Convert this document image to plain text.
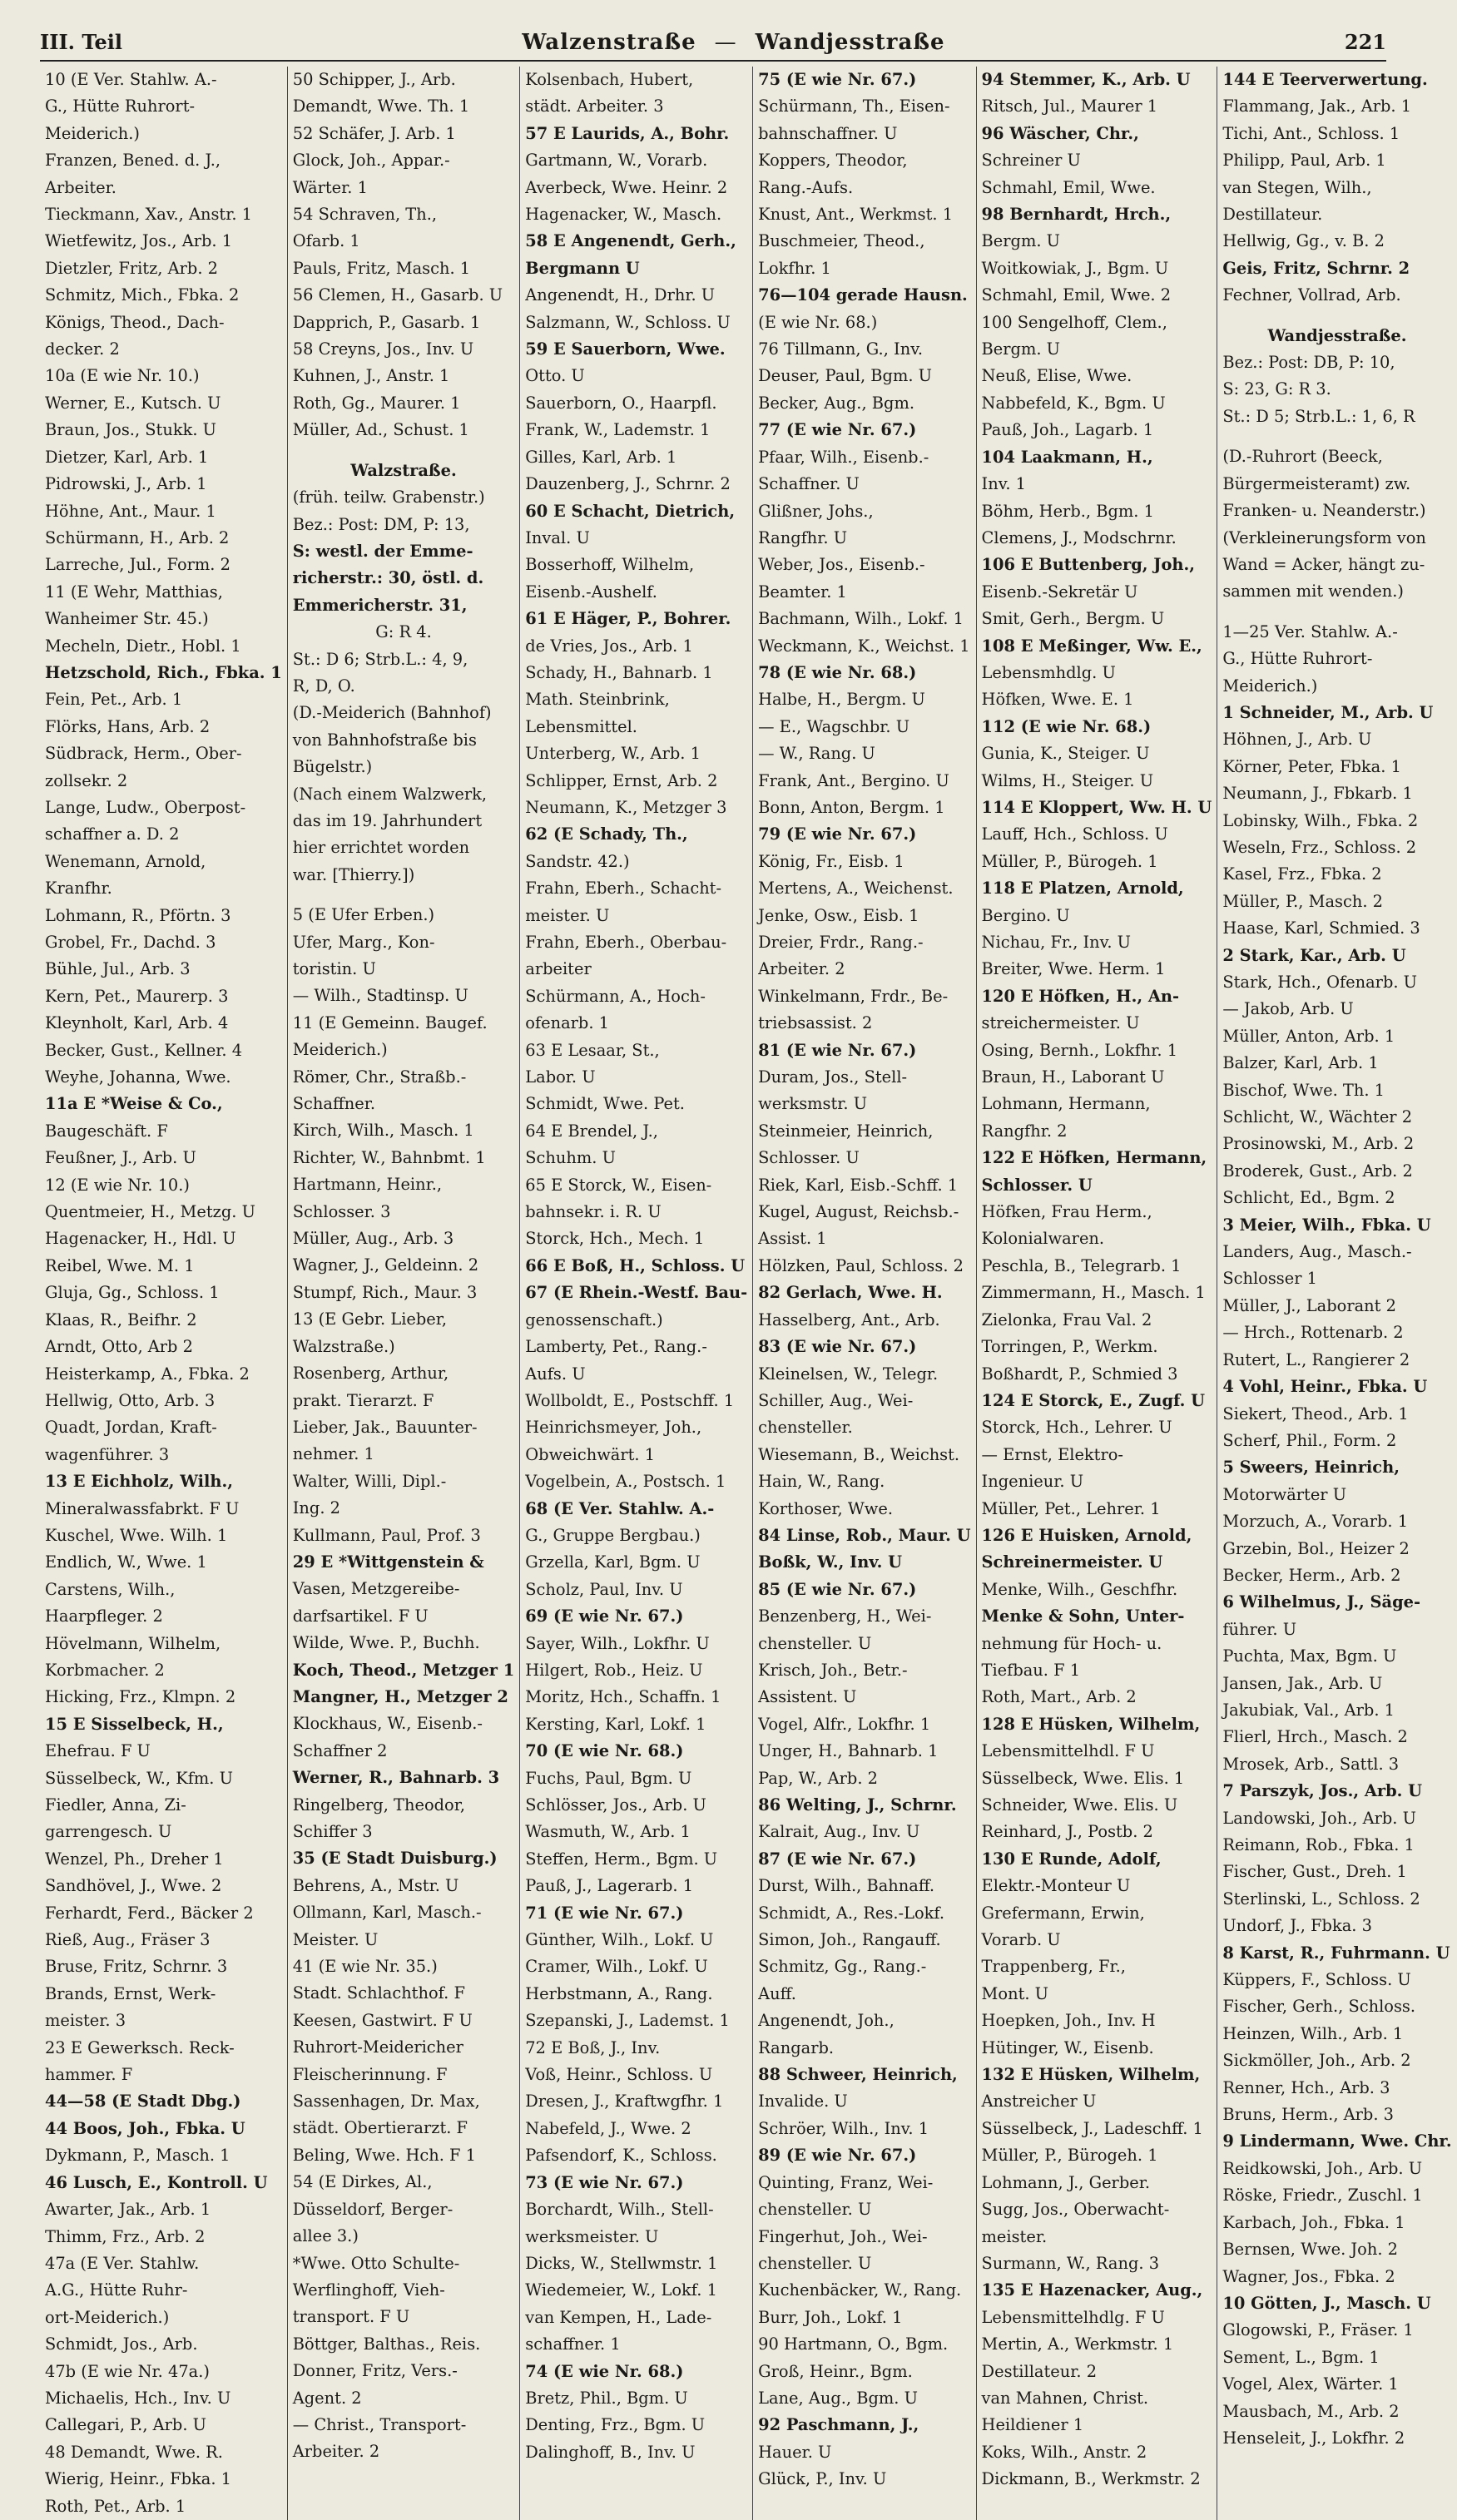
III. Teil	Walzenstraße — Wandjesstraße	221
10 (E Ver. Stahlw. A.-
G., Hütte Ruhrort-
Meiderich.)
Franzen, Bened. d. J.,
Arbeiter.
Tieckmann, Xav., Anstr. 1
Wietfewitz, Jos., Arb. 1
Dietzler, Fritz, Arb. 2
Schmitz, Mich., Fbka. 2
Königs, Theod., Dach-
decker. 2
10a (E wie Nr. 10.)
Werner, E., Kutsch. U
Braun, Jos., Stukk. U
Dietzer, Karl, Arb. 1
Pidrowski, J., Arb. 1
Höhne, Ant., Maur. 1
Schürmann, H., Arb. 2
Larreche, Jul., Form. 2
11 (E Wehr, Matthias,
Wanheimer Str. 45.)
Mecheln, Dietr., Hobl. 1
Hetzschold, Rich., Fbka. 1
Fein, Pet., Arb. 1
Flörks, Hans, Arb. 2
Südbrack, Herm., Ober-
zollsekr. 2
Lange, Ludw., Oberpost-
schaffner a. D. 2
Wenemann, Arnold,
Kranfhr.
Lohmann, R., Pförtn. 3
Grobel, Fr., Dachd. 3
Bühle, Jul., Arb. 3
Kern, Pet., Maurerp. 3
Kleynholt, Karl, Arb. 4
Becker, Gust., Kellner. 4
Weyhe, Johanna, Wwe.
11a E *Weise & Co.,
Baugeschäft. F
Feußner, J., Arb. U
12 (E wie Nr. 10.)
Quentmeier, H., Metzg. U
Hagenacker, H., Hdl. U
Reibel, Wwe. M. 1
Gluja, Gg., Schloss. 1
Klaas, R., Beifhr. 2
Arndt, Otto, Arb 2
Heisterkamp, A., Fbka. 2
Hellwig, Otto, Arb. 3
Quadt, Jordan, Kraft-
wagenführer. 3
13 E Eichholz, Wilh.,
Mineralwassfabrkt. F U
Kuschel, Wwe. Wilh. 1
Endlich, W., Wwe. 1
Carstens, Wilh.,
Haarpfleger. 2
Hövelmann, Wilhelm,
Korbmacher. 2
Hicking, Frz., Klmpn. 2
15 E Sisselbeck, H.,
Ehefrau. F U
Süsselbeck, W., Kfm. U
Fiedler, Anna, Zi-
garrengesch. U
Wenzel, Ph., Dreher 1
Sandhövel, J., Wwe. 2
Ferhardt, Ferd., Bäcker 2
Rieß, Aug., Fräser 3
Bruse, Fritz, Schrnr. 3
Brands, Ernst, Werk-
meister. 3
23 E Gewerksch. Reck-
hammer. F
44—58 (E Stadt Dbg.)
44 Boos, Joh., Fbka. U
Dykmann, P., Masch. 1
46 Lusch, E., Kontroll. U
Awarter, Jak., Arb. 1
Thimm, Frz., Arb. 2
47a (E Ver. Stahlw.
A.G., Hütte Ruhr-
ort-Meiderich.)
Schmidt, Jos., Arb.
47b (E wie Nr. 47a.)
Michaelis, Hch., Inv. U
Callegari, P., Arb. U
48 Demandt, Wwe. R.
Wierig, Heinr., Fbka. 1
Roth, Pet., Arb. 1
50 Schipper, J., Arb.
Demandt, Wwe. Th. 1
52 Schäfer, J. Arb. 1
Glock, Joh., Appar.-
Wärter. 1
54 Schraven, Th.,
Ofarb. 1
Pauls, Fritz, Masch. 1
56 Clemen, H., Gasarb. U
Dapprich, P., Gasarb. 1
58 Creyns, Jos., Inv. U
Kuhnen, J., Anstr. 1
Roth, Gg., Maurer. 1
Müller, Ad., Schust. 1
Walzstraße.
(früh. teilw. Grabenstr.)
Bez.: Post: DM, P: 13,
S: westl. der Emme-
richerstr.: 30, östl. d.
Emmericherstr. 31,
G: R 4.
St.: D 6; Strb.L.: 4, 9,
R, D, O.
(D.-Meiderich (Bahnhof)
von Bahnhofstraße bis
Bügelstr.)
(Nach einem Walzwerk,
das im 19. Jahrhundert
hier errichtet worden
war. [Thierry.])
5 (E Ufer Erben.)
Ufer, Marg., Kon-
toristin. U
— Wilh., Stadtinsp. U
11 (E Gemeinn. Baugef.
Meiderich.)
Römer, Chr., Straßb.-
Schaffner.
Kirch, Wilh., Masch. 1
Richter, W., Bahnbmt. 1
Hartmann, Heinr.,
Schlosser. 3
Müller, Aug., Arb. 3
Wagner, J., Geldeinn. 2
Stumpf, Rich., Maur. 3
13 (E Gebr. Lieber,
Walzstraße.)
Rosenberg, Arthur,
prakt. Tierarzt. F
Lieber, Jak., Bauunter-
nehmer. 1
Walter, Willi, Dipl.-
Ing. 2
Kullmann, Paul, Prof. 3
29 E *Wittgenstein &
Vasen, Metzgereibe-
darfsartikel. F U
Wilde, Wwe. P., Buchh.
Koch, Theod., Metzger 1
Mangner, H., Metzger 2
Klockhaus, W., Eisenb.-
Schaffner 2
Werner, R., Bahnarb. 3
Ringelberg, Theodor,
Schiffer 3
35 (E Stadt Duisburg.)
Behrens, A., Mstr. U
Ollmann, Karl, Masch.-
Meister. U
41 (E wie Nr. 35.)
Stadt. Schlachthof. F
Keesen, Gastwirt. F U
Ruhrort-Meidericher
Fleischerinnung. F
Sassenhagen, Dr. Max,
städt. Obertierarzt. F
Beling, Wwe. Hch. F 1
54 (E Dirkes, Al.,
Düsseldorf, Berger-
allee 3.)
*Wwe. Otto Schulte-
Werflinghoff, Vieh-
transport. F U
Böttger, Balthas., Reis.
Donner, Fritz, Vers.-
Agent. 2
— Christ., Transport-
Arbeiter. 2
Kolsenbach, Hubert,
städt. Arbeiter. 3
57 E Laurids, A., Bohr.
Gartmann, W., Vorarb.
Averbeck, Wwe. Heinr. 2
Hagenacker, W., Masch.
58 E Angenendt, Gerh.,
Bergmann U
Angenendt, H., Drhr. U
Salzmann, W., Schloss. U
59 E Sauerborn, Wwe.
Otto. U
Sauerborn, O., Haarpfl.
Frank, W., Lademstr. 1
Gilles, Karl, Arb. 1
Dauzenberg, J., Schrnr. 2
60 E Schacht, Dietrich,
Inval. U
Bosserhoff, Wilhelm,
Eisenb.-Aushelf.
61 E Häger, P., Bohrer.
de Vries, Jos., Arb. 1
Schady, H., Bahnarb. 1
Math. Steinbrink,
Lebensmittel.
Unterberg, W., Arb. 1
Schlipper, Ernst, Arb. 2
Neumann, K., Metzger 3
62 (E Schady, Th.,
Sandstr. 42.)
Frahn, Eberh., Schacht-
meister. U
Frahn, Eberh., Oberbau-
arbeiter
Schürmann, A., Hoch-
ofenarb. 1
63 E Lesaar, St.,
Labor. U
Schmidt, Wwe. Pet.
64 E Brendel, J.,
Schuhm. U
65 E Storck, W., Eisen-
bahnsekr. i. R. U
Storck, Hch., Mech. 1
66 E Boß, H., Schloss. U
67 (E Rhein.-Westf. Bau-
genossenschaft.)
Lamberty, Pet., Rang.-
Aufs. U
Wollboldt, E., Postschff. 1
Heinrichsmeyer, Joh.,
Obweichwärt. 1
Vogelbein, A., Postsch. 1
68 (E Ver. Stahlw. A.-
G., Gruppe Bergbau.)
Grzella, Karl, Bgm. U
Scholz, Paul, Inv. U
69 (E wie Nr. 67.)
Sayer, Wilh., Lokfhr. U
Hilgert, Rob., Heiz. U
Moritz, Hch., Schaffn. 1
Kersting, Karl, Lokf. 1
70 (E wie Nr. 68.)
Fuchs, Paul, Bgm. U
Schlösser, Jos., Arb. U
Wasmuth, W., Arb. 1
Steffen, Herm., Bgm. U
Pauß, J., Lagerarb. 1
71 (E wie Nr. 67.)
Günther, Wilh., Lokf. U
Cramer, Wilh., Lokf. U
Herbstmann, A., Rang.
Szepanski, J., Lademst. 1
72 E Boß, J., Inv.
Voß, Heinr., Schloss. U
Dresen, J., Kraftwgfhr. 1
Nabefeld, J., Wwe. 2
Pafsendorf, K., Schloss.
73 (E wie Nr. 67.)
Borchardt, Wilh., Stell-
werksmeister. U
Dicks, W., Stellwmstr. 1
Wiedemeier, W., Lokf. 1
van Kempen, H., Lade-
schaffner. 1
74 (E wie Nr. 68.)
Bretz, Phil., Bgm. U
Denting, Frz., Bgm. U
Dalinghoff, B., Inv. U
75 (E wie Nr. 67.)
Schürmann, Th., Eisen-
bahnschaffner. U
Koppers, Theodor,
Rang.-Aufs.
Knust, Ant., Werkmst. 1
Buschmeier, Theod.,
Lokfhr. 1
76—104 gerade Hausn.
(E wie Nr. 68.)
76 Tillmann, G., Inv.
Deuser, Paul, Bgm. U
Becker, Aug., Bgm.
77 (E wie Nr. 67.)
Pfaar, Wilh., Eisenb.-
Schaffner. U
Glißner, Johs.,
Rangfhr. U
Weber, Jos., Eisenb.-
Beamter. 1
Bachmann, Wilh., Lokf. 1
Weckmann, K., Weichst. 1
78 (E wie Nr. 68.)
Halbe, H., Bergm. U
— E., Wagschbr. U
— W., Rang. U
Frank, Ant., Bergino. U
Bonn, Anton, Bergm. 1
79 (E wie Nr. 67.)
König, Fr., Eisb. 1
Mertens, A., Weichenst.
Jenke, Osw., Eisb. 1
Dreier, Frdr., Rang.-
Arbeiter. 2
Winkelmann, Frdr., Be-
triebsassist. 2
81 (E wie Nr. 67.)
Duram, Jos., Stell-
werksmstr. U
Steinmeier, Heinrich,
Schlosser. U
Riek, Karl, Eisb.-Schff. 1
Kugel, August, Reichsb.-
Assist. 1
Hölzken, Paul, Schloss. 2
82 Gerlach, Wwe. H.
Hasselberg, Ant., Arb.
83 (E wie Nr. 67.)
Kleinelsen, W., Telegr.
Schiller, Aug., Wei-
chensteller.
Wiesemann, B., Weichst.
Hain, W., Rang.
Korthoser, Wwe.
84 Linse, Rob., Maur. U
Boßk, W., Inv. U
85 (E wie Nr. 67.)
Benzenberg, H., Wei-
chensteller. U
Krisch, Joh., Betr.-
Assistent. U
Vogel, Alfr., Lokfhr. 1
Unger, H., Bahnarb. 1
Pap, W., Arb. 2
86 Welting, J., Schrnr.
Kalrait, Aug., Inv. U
87 (E wie Nr. 67.)
Durst, Wilh., Bahnaff.
Schmidt, A., Res.-Lokf.
Simon, Joh., Rangauff.
Schmitz, Gg., Rang.-
Auff.
Angenendt, Joh.,
Rangarb.
88 Schweer, Heinrich,
Invalide. U
Schröer, Wilh., Inv. 1
89 (E wie Nr. 67.)
Quinting, Franz, Wei-
chensteller. U
Fingerhut, Joh., Wei-
chensteller. U
Kuchenbäcker, W., Rang.
Burr, Joh., Lokf. 1
90 Hartmann, O., Bgm.
Groß, Heinr., Bgm.
Lane, Aug., Bgm. U
92 Paschmann, J.,
Hauer. U
Glück, P., Inv. U
94 Stemmer, K., Arb. U
Ritsch, Jul., Maurer 1
96 Wäscher, Chr.,
Schreiner U
Schmahl, Emil, Wwe.
98 Bernhardt, Hrch.,
Bergm. U
Woitkowiak, J., Bgm. U
Schmahl, Emil, Wwe. 2
100 Sengelhoff, Clem.,
Bergm. U
Neuß, Elise, Wwe.
Nabbefeld, K., Bgm. U
Pauß, Joh., Lagarb. 1
104 Laakmann, H.,
Inv. 1
Böhm, Herb., Bgm. 1
Clemens, J., Modschrnr.
106 E Buttenberg, Joh.,
Eisenb.-Sekretär U
Smit, Gerh., Bergm. U
108 E Meßinger, Ww. E.,
Lebensmhdlg. U
Höfken, Wwe. E. 1
112 (E wie Nr. 68.)
Gunia, K., Steiger. U
Wilms, H., Steiger. U
114 E Kloppert, Ww. H. U
Lauff, Hch., Schloss. U
Müller, P., Bürogeh. 1
118 E Platzen, Arnold,
Bergino. U
Nichau, Fr., Inv. U
Breiter, Wwe. Herm. 1
120 E Höfken, H., An-
streichermeister. U
Osing, Bernh., Lokfhr. 1
Braun, H., Laborant U
Lohmann, Hermann,
Rangfhr. 2
122 E Höfken, Hermann,
Schlosser. U
Höfken, Frau Herm.,
Kolonialwaren.
Peschla, B., Telegrarb. 1
Zimmermann, H., Masch. 1
Zielonka, Frau Val. 2
Torringen, P., Werkm.
Boßhardt, P., Schmied 3
124 E Storck, E., Zugf. U
Storck, Hch., Lehrer. U
— Ernst, Elektro-
Ingenieur. U
Müller, Pet., Lehrer. 1
126 E Huisken, Arnold,
Schreinermeister. U
Menke, Wilh., Geschfhr.
Menke & Sohn, Unter-
nehmung für Hoch- u.
Tiefbau. F 1
Roth, Mart., Arb. 2
128 E Hüsken, Wilhelm,
Lebensmittelhdl. F U
Süsselbeck, Wwe. Elis. 1
Schneider, Wwe. Elis. U
Reinhard, J., Postb. 2
130 E Runde, Adolf,
Elektr.-Monteur U
Grefermann, Erwin,
Vorarb. U
Trappenberg, Fr.,
Mont. U
Hoepken, Joh., Inv. H
Hütinger, W., Eisenb.
132 E Hüsken, Wilhelm,
Anstreicher U
Süsselbeck, J., Ladeschff. 1
Müller, P., Bürogeh. 1
Lohmann, J., Gerber.
Sugg, Jos., Oberwacht-
meister.
Surmann, W., Rang. 3
135 E Hazenacker, Aug.,
Lebensmittelhdlg. F U
Mertin, A., Werkmstr. 1
Destillateur. 2
van Mahnen, Christ.
Heildiener 1
Koks, Wilh., Anstr. 2
Dickmann, B., Werkmstr. 2
144 E Teerverwertung.
Flammang, Jak., Arb. 1
Tichi, Ant., Schloss. 1
Philipp, Paul, Arb. 1
van Stegen, Wilh.,
Destillateur.
Hellwig, Gg., v. B. 2
Geis, Fritz, Schrnr. 2
Fechner, Vollrad, Arb.
Wandjesstraße.
Bez.: Post: DB, P: 10,
S: 23, G: R 3.
St.: D 5; Strb.L.: 1, 6, R
(D.-Ruhrort (Beeck,
Bürgermeisteramt) zw.
Franken- u. Neanderstr.)
(Verkleinerungsform von
Wand = Acker, hängt zu-
sammen mit wenden.)
1—25 Ver. Stahlw. A.-
G., Hütte Ruhrort-
Meiderich.)
1 Schneider, M., Arb. U
Höhnen, J., Arb. U
Körner, Peter, Fbka. 1
Neumann, J., Fbkarb. 1
Lobinsky, Wilh., Fbka. 2
Weseln, Frz., Schloss. 2
Kasel, Frz., Fbka. 2
Müller, P., Masch. 2
Haase, Karl, Schmied. 3
2 Stark, Kar., Arb. U
Stark, Hch., Ofenarb. U
— Jakob, Arb. U
Müller, Anton, Arb. 1
Balzer, Karl, Arb. 1
Bischof, Wwe. Th. 1
Schlicht, W., Wächter 2
Prosinowski, M., Arb. 2
Broderek, Gust., Arb. 2
Schlicht, Ed., Bgm. 2
3 Meier, Wilh., Fbka. U
Landers, Aug., Masch.-
Schlosser 1
Müller, J., Laborant 2
— Hrch., Rottenarb. 2
Rutert, L., Rangierer 2
4 Vohl, Heinr., Fbka. U
Siekert, Theod., Arb. 1
Scherf, Phil., Form. 2
5 Sweers, Heinrich,
Motorwärter U
Morzuch, A., Vorarb. 1
Grzebin, Bol., Heizer 2
Becker, Herm., Arb. 2
6 Wilhelmus, J., Säge-
führer. U
Puchta, Max, Bgm. U
Jansen, Jak., Arb. U
Jakubiak, Val., Arb. 1
Flierl, Hrch., Masch. 2
Mrosek, Arb., Sattl. 3
7 Parszyk, Jos., Arb. U
Landowski, Joh., Arb. U
Reimann, Rob., Fbka. 1
Fischer, Gust., Dreh. 1
Sterlinski, L., Schloss. 2
Undorf, J., Fbka. 3
8 Karst, R., Fuhrmann. U
Küppers, F., Schloss. U
Fischer, Gerh., Schloss.
Heinzen, Wilh., Arb. 1
Sickmöller, Joh., Arb. 2
Renner, Hch., Arb. 3
Bruns, Herm., Arb. 3
9 Lindermann, Wwe. Chr.
Reidkowski, Joh., Arb. U
Röske, Friedr., Zuschl. 1
Karbach, Joh., Fbka. 1
Bernsen, Wwe. Joh. 2
Wagner, Jos., Fbka. 2
10 Götten, J., Masch. U
Glogowski, P., Fräser. 1
Sement, L., Bgm. 1
Vogel, Alex, Wärter. 1
Mausbach, M., Arb. 2
Henseleit, J., Lokfhr. 2
